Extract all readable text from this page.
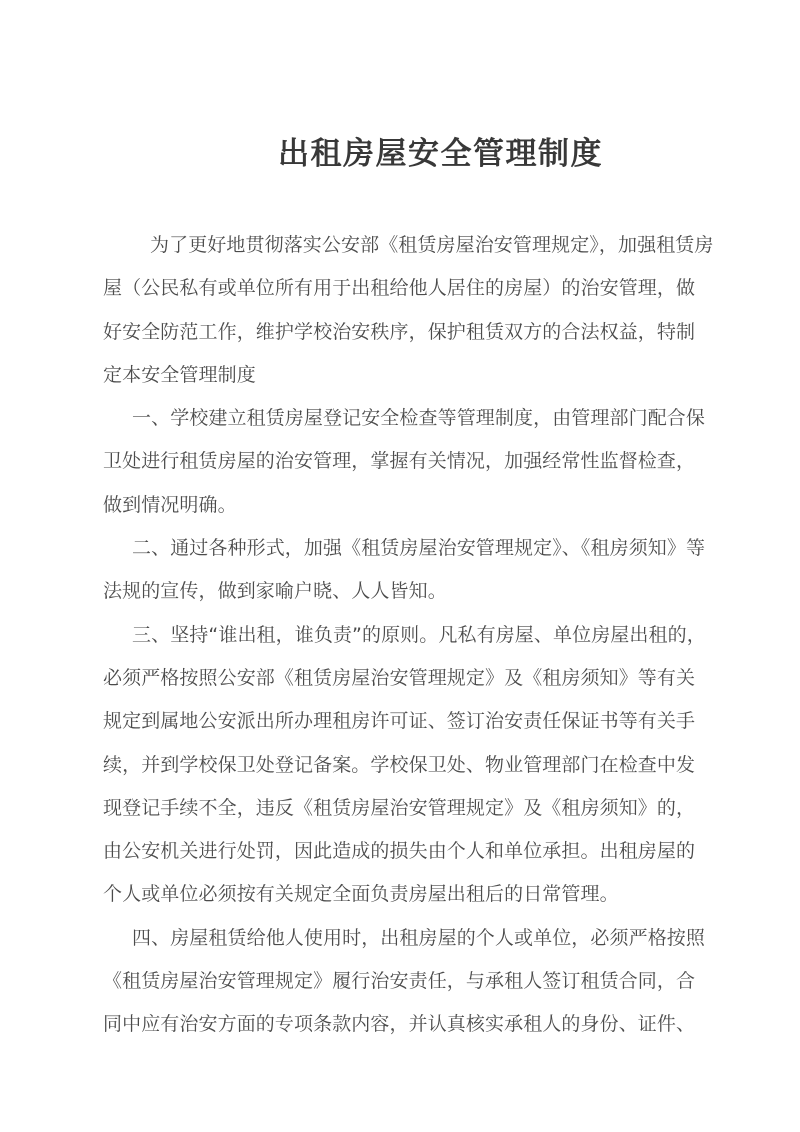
出租房屋安全管理制度
为了更好地贯彻落实公安部《租赁房屋治安管理规定》，加强租赁房
屋（公民私有或单位所有用于出租给他人居住的房屋）的治安管理，做
好安全防范工作，维护学校治安秩序，保护租赁双方的合法权益，特制
定本安全管理制度
一、学校建立租赁房屋登记安全检查等管理制度，由管理部门配合保
卫处进行租赁房屋的治安管理，掌握有关情况，加强经常性监督检查，
做到情况明确。
二、通过各种形式，加强《租赁房屋治安管理规定》、《租房须知》等
法规的宣传，做到家喻户晓、人人皆知。
三、坚持“谁出租，谁负责”的原则。凡私有房屋、单位房屋出租的，
必须严格按照公安部《租赁房屋治安管理规定》及《租房须知》等有关
规定到属地公安派出所办理租房许可证、签订治安责任保证书等有关手
续，并到学校保卫处登记备案。学校保卫处、物业管理部门在检查中发
现登记手续不全，违反《租赁房屋治安管理规定》及《租房须知》的，
由公安机关进行处罚，因此造成的损失由个人和单位承担。出租房屋的
个人或单位必须按有关规定全面负责房屋出租后的日常管理。
四、房屋租赁给他人使用时，出租房屋的个人或单位，必须严格按照
《租赁房屋治安管理规定》履行治安责任，与承租人签订租赁合同，合
同中应有治安方面的专项条款内容，并认真核实承租人的身份、证件、
